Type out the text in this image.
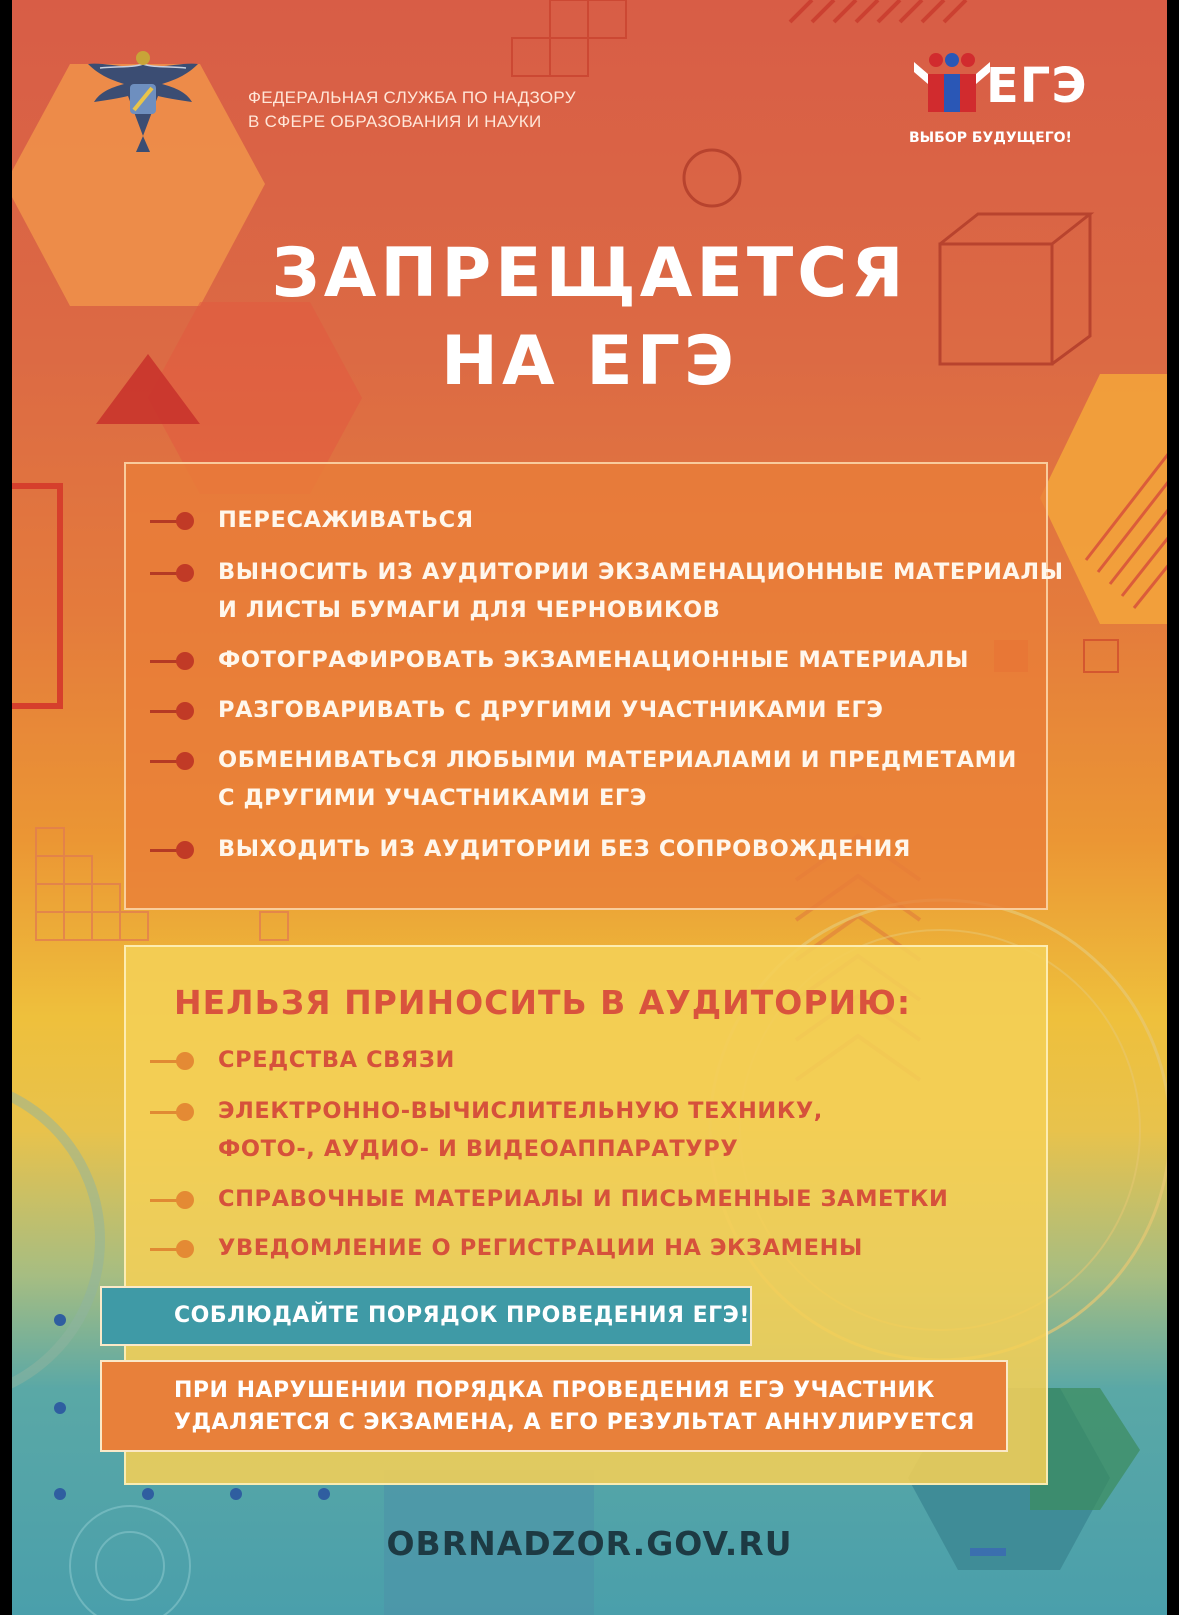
ФЕДЕРАЛЬНАЯ СЛУЖБА ПО НАДЗОРУ
В СФЕРЕ ОБРАЗОВАНИЯ И НАУКИ
ЕГЭ
ВЫБОР БУДУЩЕГО!
ЗАПРЕЩАЕТСЯ
НА ЕГЭ
ПЕРЕСАЖИВАТЬСЯ
ВЫНОСИТЬ ИЗ АУДИТОРИИ ЭКЗАМЕНАЦИОННЫЕ МАТЕРИАЛЫ
И ЛИСТЫ БУМАГИ ДЛЯ ЧЕРНОВИКОВ
ФОТОГРАФИРОВАТЬ ЭКЗАМЕНАЦИОННЫЕ МАТЕРИАЛЫ
РАЗГОВАРИВАТЬ С ДРУГИМИ УЧАСТНИКАМИ ЕГЭ
ОБМЕНИВАТЬСЯ ЛЮБЫМИ МАТЕРИАЛАМИ И ПРЕДМЕТАМИ
С ДРУГИМИ УЧАСТНИКАМИ ЕГЭ
ВЫХОДИТЬ ИЗ АУДИТОРИИ БЕЗ СОПРОВОЖДЕНИЯ
НЕЛЬЗЯ ПРИНОСИТЬ В АУДИТОРИЮ:
СРЕДСТВА СВЯЗИ
ЭЛЕКТРОННО-ВЫЧИСЛИТЕЛЬНУЮ ТЕХНИКУ,
ФОТО-, АУДИО- И ВИДЕОАППАРАТУРУ
СПРАВОЧНЫЕ МАТЕРИАЛЫ И ПИСЬМЕННЫЕ ЗАМЕТКИ
УВЕДОМЛЕНИЕ О РЕГИСТРАЦИИ НА ЭКЗАМЕНЫ
СОБЛЮДАЙТЕ ПОРЯДОК ПРОВЕДЕНИЯ ЕГЭ!
ПРИ НАРУШЕНИИ ПОРЯДКА ПРОВЕДЕНИЯ ЕГЭ УЧАСТНИК
УДАЛЯЕТСЯ С ЭКЗАМЕНА, А ЕГО РЕЗУЛЬТАТ АННУЛИРУЕТСЯ
OBRNADZOR.GOV.RU
